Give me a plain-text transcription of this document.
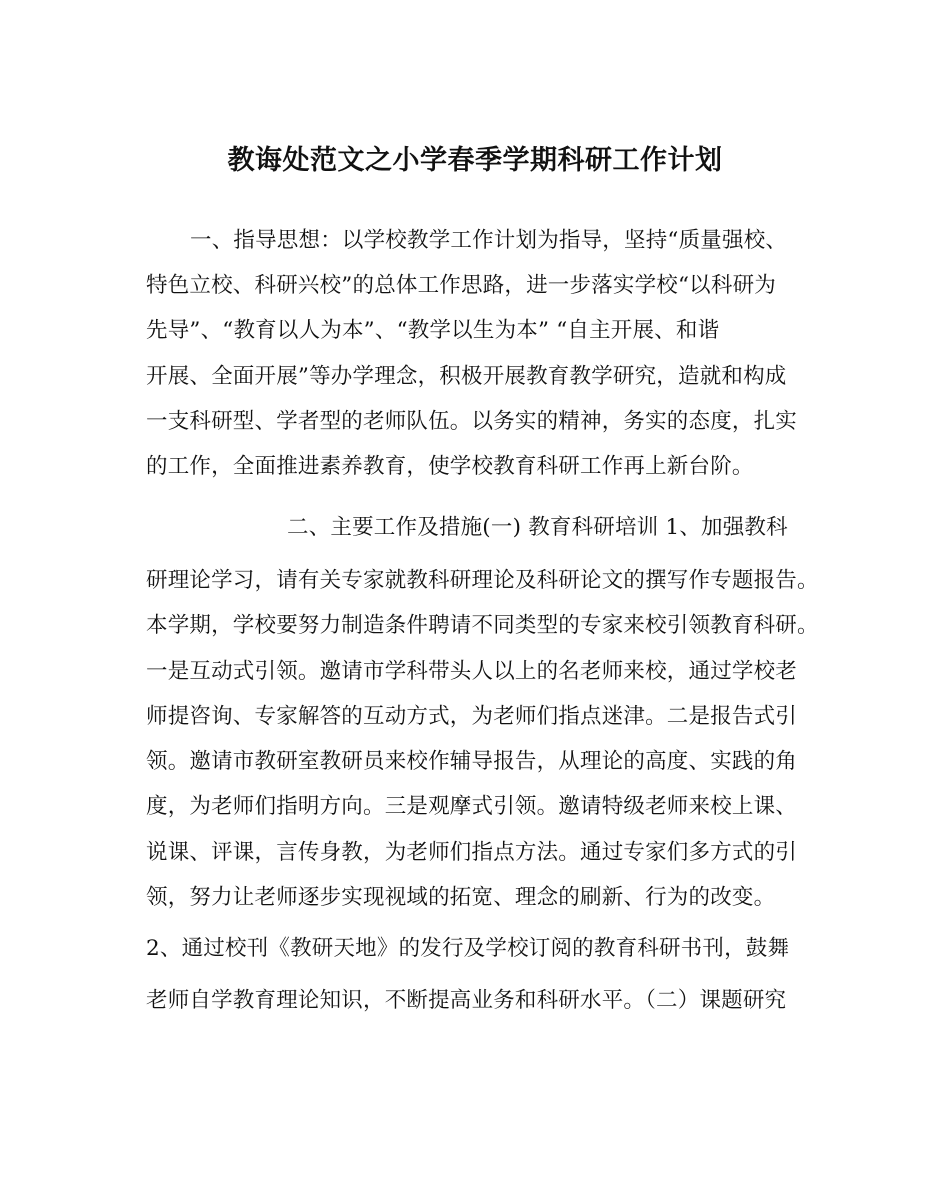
教诲处范文之小学春季学期科研工作计划
一、指导思想：以学校教学工作计划为指导，坚持“质量强校、
特色立校、科研兴校”的总体工作思路，进一步落实学校“以科研为
先导”、“教育以人为本”、“教学以生为本” “自主开展、和谐
开展、全面开展”等办学理念，积极开展教育教学研究，造就和构成
一支科研型、学者型的老师队伍。以务实的精神，务实的态度，扎实
的工作，全面推进素养教育，使学校教育科研工作再上新台阶。
二、主要工作及措施(一) 教育科研培训 1、加强教科
研理论学习，请有关专家就教科研理论及科研论文的撰写作专题报告。
本学期，学校要努力制造条件聘请不同类型的专家来校引领教育科研。
一是互动式引领。邀请市学科带头人以上的名老师来校，通过学校老
师提咨询、专家解答的互动方式，为老师们指点迷津。二是报告式引
领。邀请市教研室教研员来校作辅导报告，从理论的高度、实践的角
度，为老师们指明方向。三是观摩式引领。邀请特级老师来校上课、
说课、评课，言传身教，为老师们指点方法。通过专家们多方式的引
领，努力让老师逐步实现视域的拓宽、理念的刷新、行为的改变。
2、通过校刊《教研天地》的发行及学校订阅的教育科研书刊，鼓舞
老师自学教育理论知识，不断提高业务和科研水平。（二）课题研究
